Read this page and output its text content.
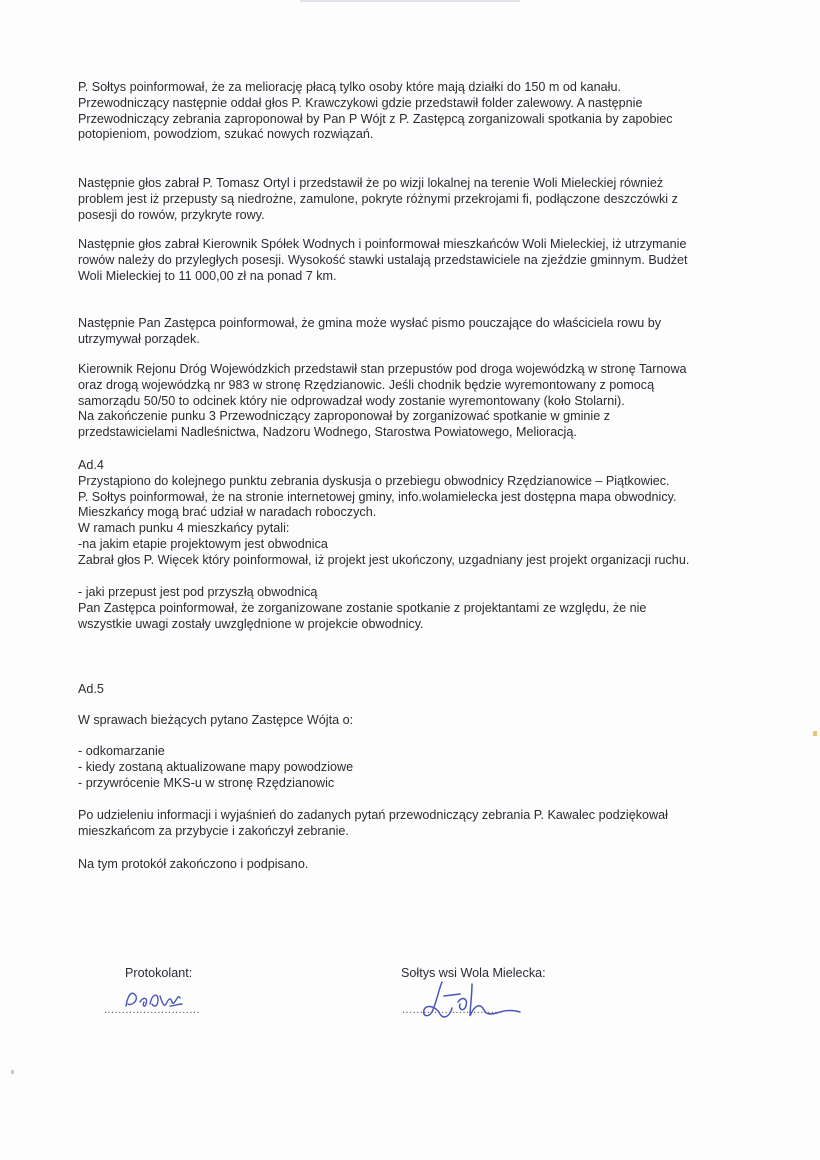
P. Sołtys poinformował, że za meliorację płacą tylko osoby które mają działki do 150 m od kanału.
Przewodniczący następnie oddał głos P. Krawczykowi gdzie przedstawił folder zalewowy. A następnie
Przewodniczący zebrania zaproponował by Pan P Wójt z P. Zastępcą zorganizowali spotkania by zapobiec
potopieniom, powodziom, szukać nowych rozwiązań.
Następnie głos zabrał P. Tomasz Ortyl i przedstawił że po wizji lokalnej na terenie Woli Mieleckiej również
problem jest iż przepusty są niedrożne, zamulone, pokryte różnymi przekrojami fi, podłączone deszczówki z
posesji do rowów, przykryte rowy.
Następnie głos zabrał Kierownik Spółek Wodnych i poinformował mieszkańców Woli Mieleckiej, iż utrzymanie
rowów należy do przyległych posesji. Wysokość stawki ustalają przedstawiciele na zjeździe gminnym. Budżet
Woli Mieleckiej to 11 000,00 zł na ponad 7 km.
Następnie Pan Zastępca poinformował, że gmina może wysłać pismo pouczające do właściciela rowu by
utrzymywał porządek.
Kierownik Rejonu Dróg Wojewódzkich przedstawił stan przepustów pod droga wojewódzką w stronę Tarnowa
oraz drogą wojewódzką nr 983 w stronę Rzędzianowic. Jeśli chodnik będzie wyremontowany z pomocą
samorządu 50/50 to odcinek który nie odprowadzał wody zostanie wyremontowany (koło Stolarni).
Na zakończenie punku 3 Przewodniczący zaproponował by zorganizować spotkanie w gminie z
przedstawicielami Nadleśnictwa, Nadzoru Wodnego, Starostwa Powiatowego, Melioracją.
Ad.4
Przystąpiono do kolejnego punktu zebrania dyskusja o przebiegu obwodnicy Rzędzianowice – Piątkowiec.
P. Sołtys poinformował, że na stronie internetowej gminy, info.wolamielecka jest dostępna mapa obwodnicy.
Mieszkańcy mogą brać udział w naradach roboczych.
W ramach punku 4 mieszkańcy pytali:
-na jakim etapie projektowym jest obwodnica
Zabrał głos P. Więcek który poinformował, iż projekt jest ukończony, uzgadniany jest projekt organizacji ruchu.
- jaki przepust jest pod przyszłą obwodnicą
Pan Zastępca poinformował, że zorganizowane zostanie spotkanie z projektantami ze względu, że nie
wszystkie uwagi zostały uwzględnione w projekcie obwodnicy.
Ad.5
W sprawach bieżących pytano Zastępce Wójta o:
- odkomarzanie
- kiedy zostaną aktualizowane mapy powodziowe
- przywrócenie MKS-u w stronę Rzędzianowic
Po udzieleniu informacji i wyjaśnień do zadanych pytań przewodniczący zebrania P. Kawalec podziękował
mieszkańcom za przybycie i zakończył zebranie.
Na tym protokół zakończono i podpisano.
Protokolant:
...........................
Sołtys wsi Wola Mielecka:
...........................
